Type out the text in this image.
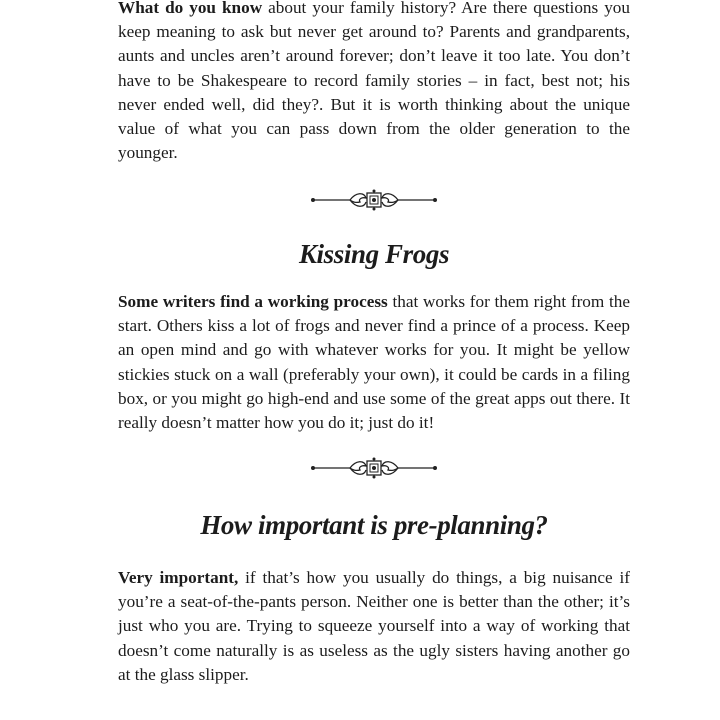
What do you know about your family history? Are there questions you keep meaning to ask but never get around to? Parents and grandparents, aunts and uncles aren’t around forever; don’t leave it too late. You don’t have to be Shakespeare to record family stories – in fact, best not; his never ended well, did they?. But it is worth thinking about the unique value of what you can pass down from the older generation to the younger.

Kissing Frogs

Some writers find a working process that works for them right from the start. Others kiss a lot of frogs and never find a prince of a process. Keep an open mind and go with whatever works for you. It might be yellow stickies stuck on a wall (preferably your own), it could be cards in a filing box, or you might go high-end and use some of the great apps out there. It really doesn’t matter how you do it; just do it!

How important is pre-planning?

Very important, if that’s how you usually do things, a big nuisance if you’re a seat-of-the-pants person. Neither one is better than the other; it’s just who you are. Trying to squeeze yourself into a way of working that doesn’t come naturally is as useless as the ugly sisters having another go at the glass slipper.
